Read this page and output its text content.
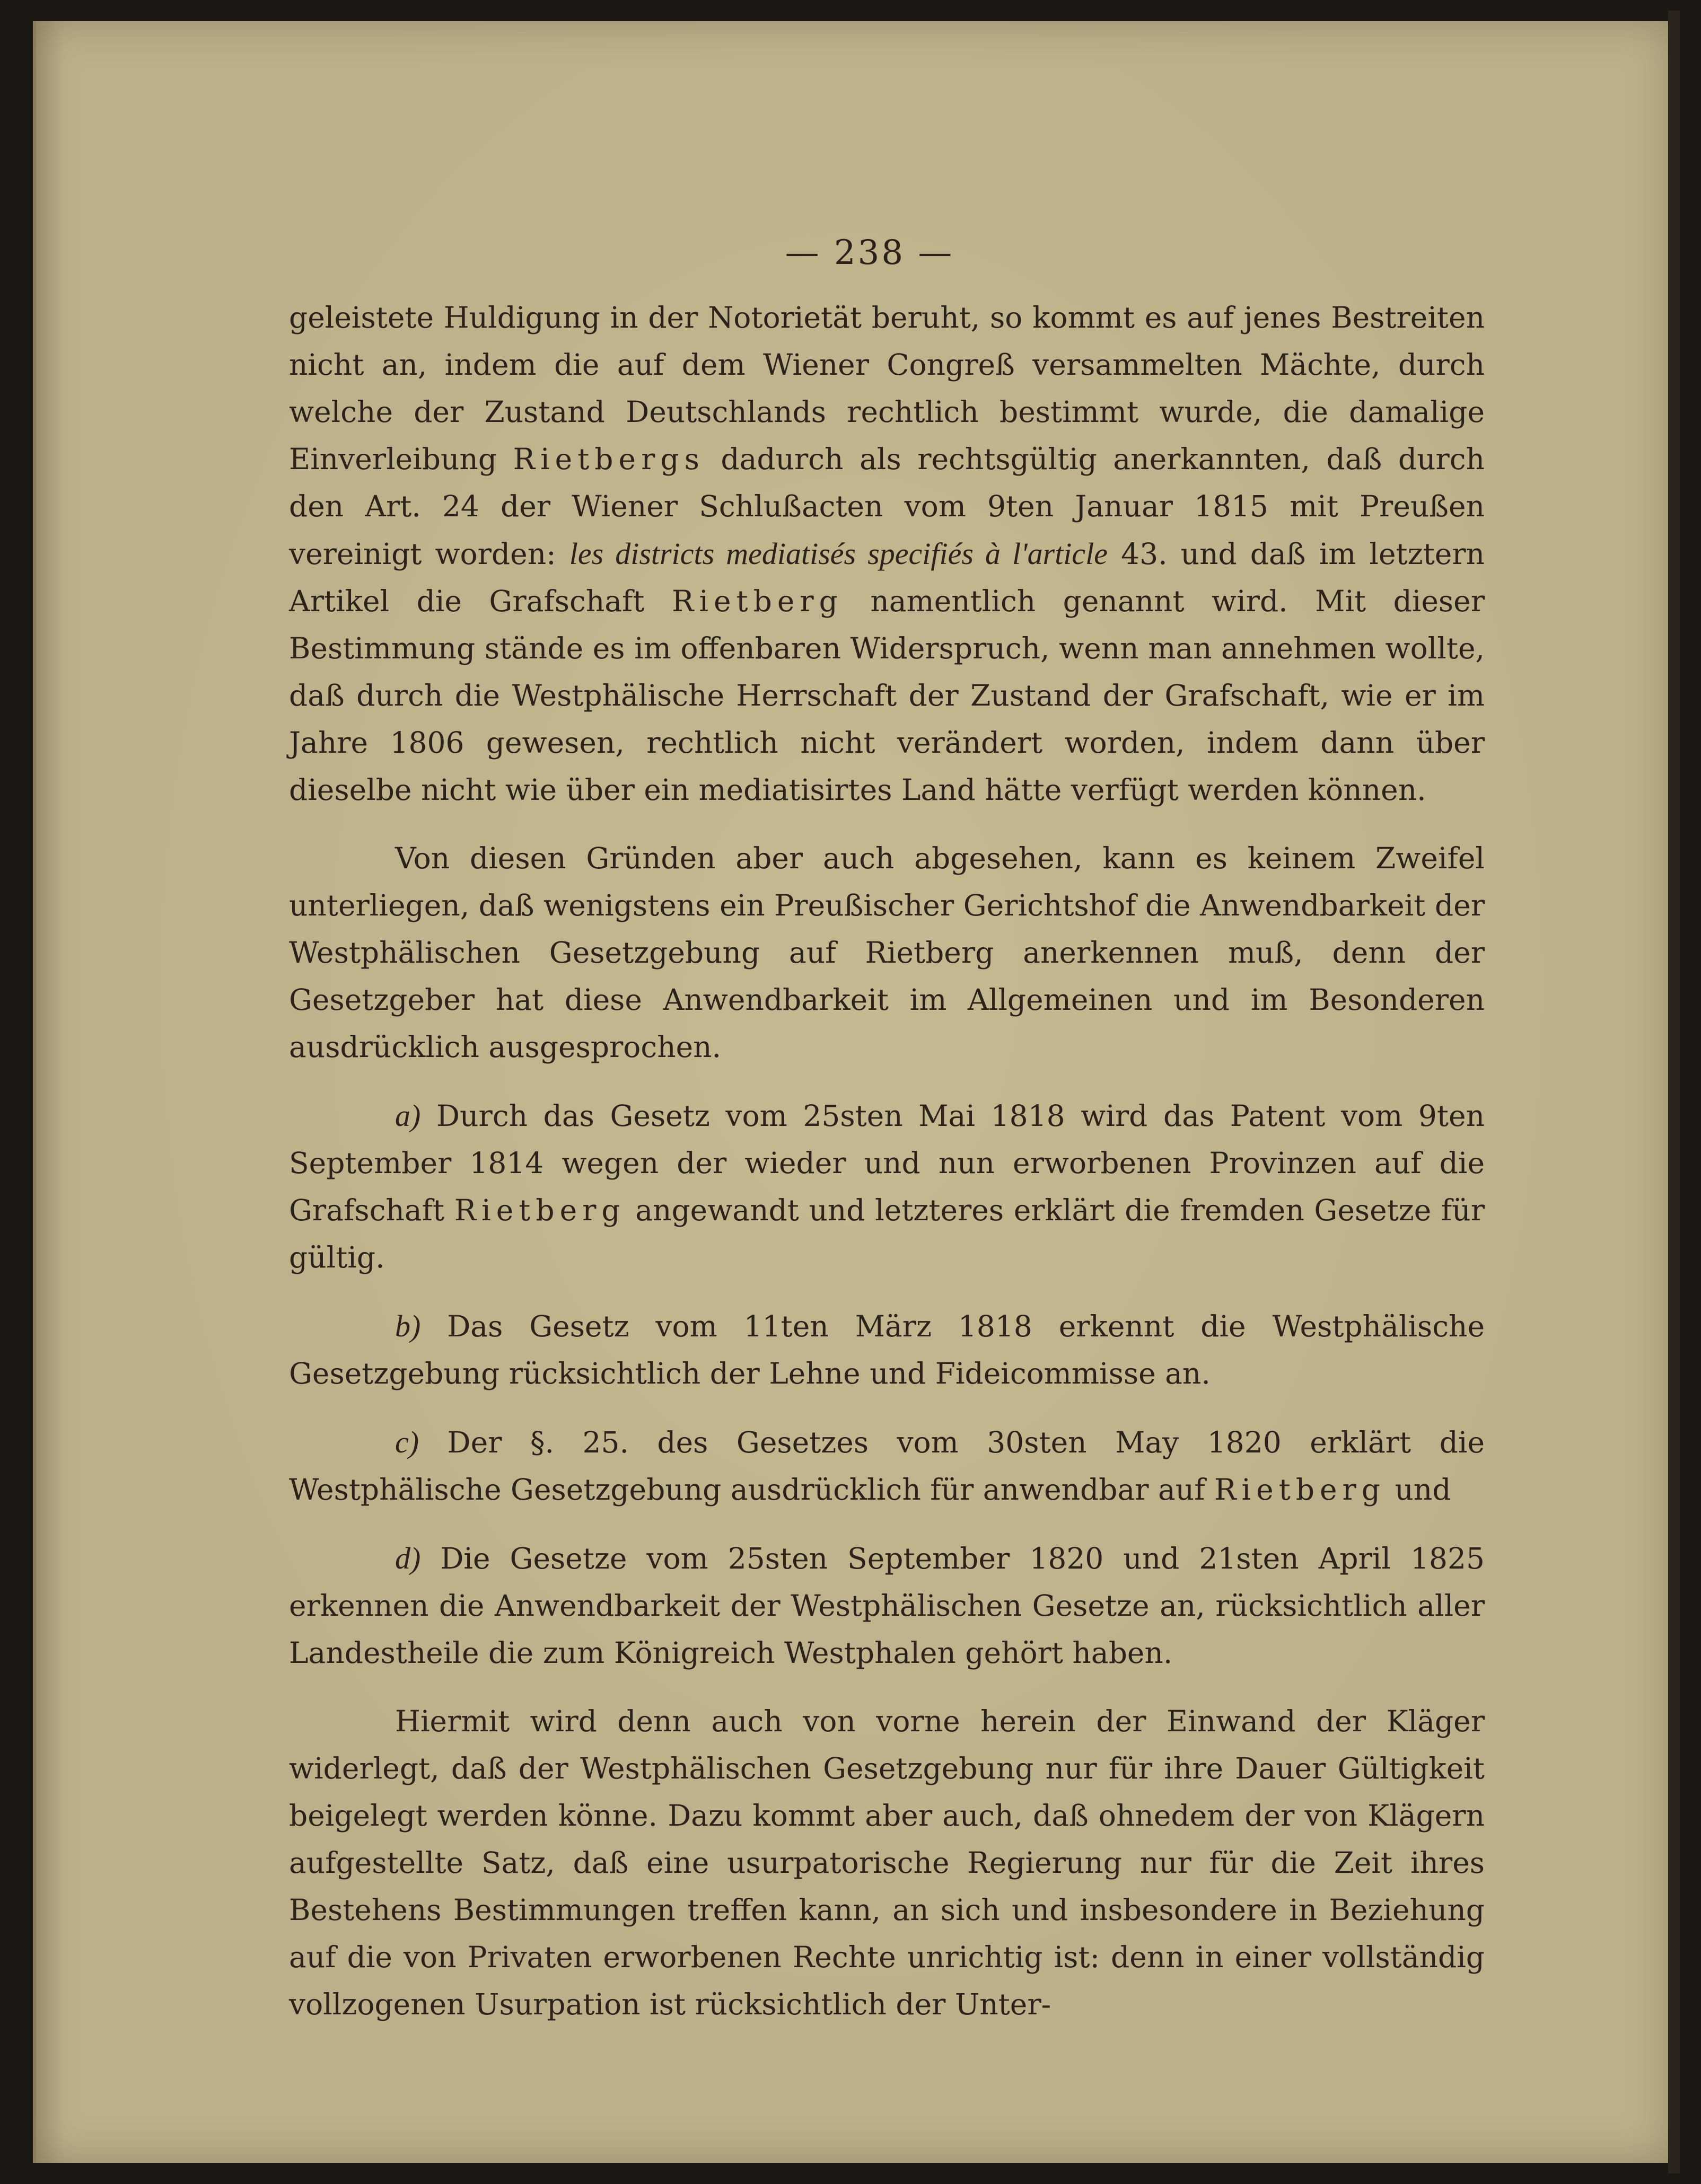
— 238 —

geleistete Huldigung in der Notorietät beruht, so kommt es auf jenes Bestreiten nicht an, indem die auf dem Wiener Congreß versammelten Mächte, durch welche der Zustand Deutschlands rechtlich bestimmt wurde, die damalige Einverleibung Rietbergs dadurch als rechtsgültig anerkannten, daß durch den Art. 24 der Wiener Schlußacten vom 9ten Januar 1815 mit Preußen vereinigt worden: les districts mediatisés specifiés à l'article 43. und daß im letztern Artikel die Grafschaft Rietberg namentlich genannt wird. Mit dieser Bestimmung stände es im offenbaren Widerspruch, wenn man annehmen wollte, daß durch die Westphälische Herrschaft der Zustand der Grafschaft, wie er im Jahre 1806 gewesen, rechtlich nicht verändert worden, indem dann über dieselbe nicht wie über ein mediatisirtes Land hätte verfügt werden können.

Von diesen Gründen aber auch abgesehen, kann es keinem Zweifel unterliegen, daß wenigstens ein Preußischer Gerichtshof die Anwendbarkeit der Westphälischen Gesetzgebung auf Rietberg anerkennen muß, denn der Gesetzgeber hat diese Anwendbarkeit im Allgemeinen und im Besonderen ausdrücklich ausgesprochen.

a) Durch das Gesetz vom 25sten Mai 1818 wird das Patent vom 9ten September 1814 wegen der wieder und nun erworbenen Provinzen auf die Grafschaft Rietberg angewandt und letzteres erklärt die fremden Gesetze für gültig.

b) Das Gesetz vom 11ten März 1818 erkennt die Westphälische Gesetzgebung rücksichtlich der Lehne und Fideicommisse an.

c) Der §. 25. des Gesetzes vom 30sten May 1820 erklärt die Westphälische Gesetzgebung ausdrücklich für anwendbar auf Rietberg und

d) Die Gesetze vom 25sten September 1820 und 21sten April 1825 erkennen die Anwendbarkeit der Westphälischen Gesetze an, rücksichtlich aller Landestheile die zum Königreich Westphalen gehört haben.

Hiermit wird denn auch von vorne herein der Einwand der Kläger widerlegt, daß der Westphälischen Gesetzgebung nur für ihre Dauer Gültigkeit beigelegt werden könne. Dazu kommt aber auch, daß ohnedem der von Klägern aufgestellte Satz, daß eine usurpatorische Regierung nur für die Zeit ihres Bestehens Bestimmungen treffen kann, an sich und insbesondere in Beziehung auf die von Privaten erworbenen Rechte unrichtig ist: denn in einer vollständig vollzogenen Usurpation ist rücksichtlich der Unter-
